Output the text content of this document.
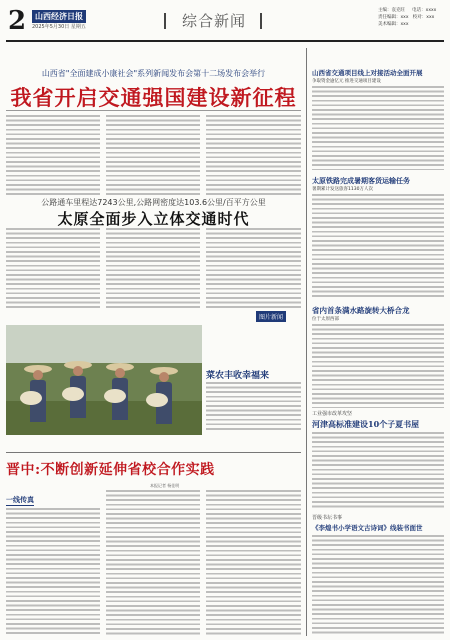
2	山西经济日报
2025年5月30日 星期五	综合新闻
主编：袁克旺     电话：xxxx
责任编辑：xxx   校对：xxx
美术编辑：xxx
山西省"全面建成小康社会"系列新闻发布会第十二场发布会举行
我省开启交通强国建设新征程
公路通车里程达7243公里,公路网密度达103.6公里/百平方公里
太原全面步入立体交通时代
图片新闻
菜农丰收幸福来
晋中:不断创新延伸省校合作实践
本报记者 杨佳明
一线传真
山西省交通项目线上对接活动全面开展
争取资金逾亿元 推进交通项目建设
太原铁路完成暑期客货运输任务
暑期累计发送旅客1130万人次
省内首条满水路旋转大桥合龙
位于太原西部
工业强市改革攻坚
河津高标准建设10个子夏书屋
晋级书坛书事
《李煌书小学语文古诗词》线装书面世
